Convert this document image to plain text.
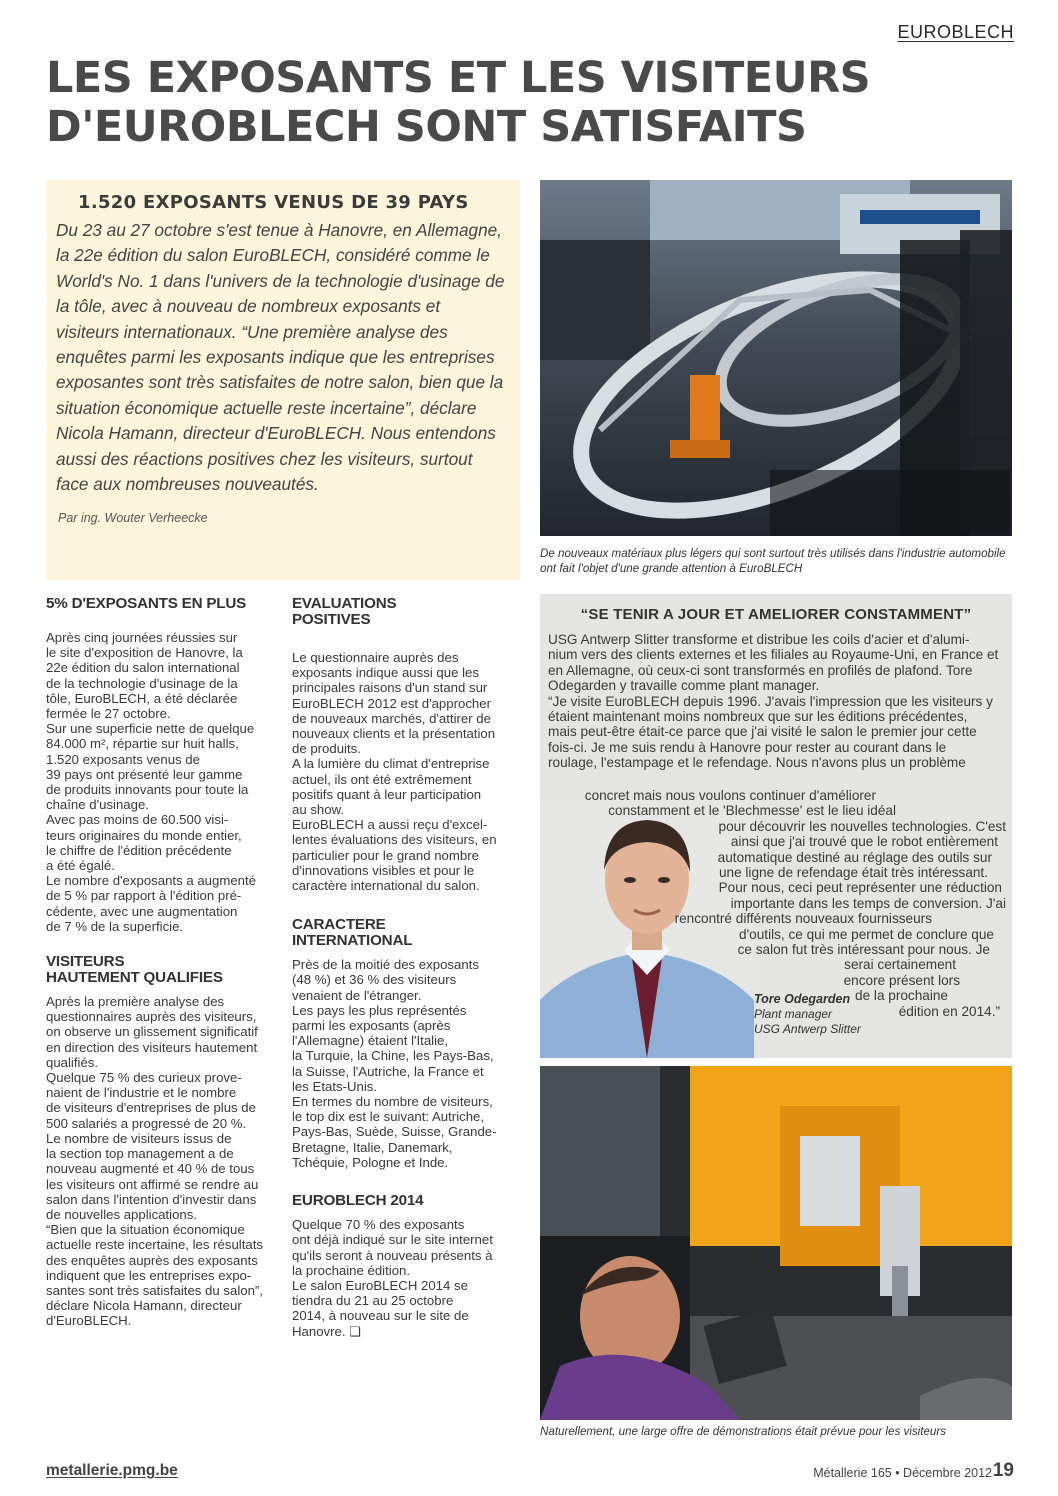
EUROBLECH
LES EXPOSANTS ET LES VISITEURS D'EUROBLECH SONT SATISFAITS
1.520 EXPOSANTS VENUS DE 39 PAYS

Du 23 au 27 octobre s'est tenue à Hanovre, en Allemagne, la 22e édition du salon EuroBLECH, considéré comme le World's No. 1 dans l'univers de la technologie d'usinage de la tôle, avec à nouveau de nombreux exposants et visiteurs internationaux. “Une première analyse des enquêtes parmi les exposants indique que les entreprises exposantes sont très satisfaites de notre salon, bien que la situation économique actuelle reste incertaine”, déclare Nicola Hamann, directeur d'EuroBLECH. Nous entendons aussi des réactions positives chez les visiteurs, surtout face aux nombreuses nouveautés.

Par ing. Wouter Verheecke

De nouveaux matériaux plus légers qui sont surtout très utilisés dans l'industrie automobile ont fait l'objet d'une grande attention à EuroBLECH
5% D'EXPOSANTS EN PLUS

Après cinq journées réussies sur
le site d'exposition de Hanovre, la
22e édition du salon international
de la technologie d'usinage de la
tôle, EuroBLECH, a été déclarée
fermée le 27 octobre.
Sur une superficie nette de quelque
84.000 m², répartie sur huit halls,
1.520 exposants venus de
39 pays ont présenté leur gamme
de produits innovants pour toute la
chaîne d'usinage.
Avec pas moins de 60.500 visi-
teurs originaires du monde entier,
le chiffre de l'édition précédente
a été égalé.
Le nombre d'exposants a augmenté
de 5 % par rapport à l'édition pré-
cédente, avec une augmentation
de 7 % de la superficie.

VISITEURS
HAUTEMENT QUALIFIES

Après la première analyse des
questionnaires auprès des visiteurs,
on observe un glissement significatif
en direction des visiteurs hautement
qualifiés.
Quelque 75 % des curieux prove-
naient de l'industrie et le nombre
de visiteurs d'entreprises de plus de
500 salariés a progressé de 20 %.
Le nombre de visiteurs issus de
la section top management a de
nouveau augmenté et 40 % de tous
les visiteurs ont affirmé se rendre au
salon dans l'intention d'investir dans
de nouvelles applications.
“Bien que la situation économique
actuelle reste incertaine, les résultats
des enquêtes auprès des exposants
indiquent que les entreprises expo-
santes sont très satisfaites du salon”,
déclare Nicola Hamann, directeur
d'EuroBLECH.

EVALUATIONS
POSITIVES

Le questionnaire auprès des
exposants indique aussi que les
principales raisons d'un stand sur
EuroBLECH 2012 est d'approcher
de nouveaux marchés, d'attirer de
nouveaux clients et la présentation
de produits.
A la lumière du climat d'entreprise
actuel, ils ont été extrêmement
positifs quant à leur participation
au show.
EuroBLECH a aussi reçu d'excel-
lentes évaluations des visiteurs, en
particulier pour le grand nombre
d'innovations visibles et pour le
caractère international du salon.

CARACTERE
INTERNATIONAL

Près de la moitié des exposants
(48 %) et 36 % des visiteurs
venaient de l'étranger.
Les pays les plus représentés
parmi les exposants (après
l'Allemagne) étaient l'Italie,
la Turquie, la Chine, les Pays-Bas,
la Suisse, l'Autriche, la France et
les Etats-Unis.
En termes du nombre de visiteurs,
le top dix est le suivant: Autriche,
Pays-Bas, Suède, Suisse, Grande-
Bretagne, Italie, Danemark,
Tchéquie, Pologne et Inde.

EUROBLECH 2014

Quelque 70 % des exposants
ont déjà indiqué sur le site internet
qu'ils seront à nouveau présents à
la prochaine édition.
Le salon EuroBLECH 2014 se
tiendra du 21 au 25 octobre
2014, à nouveau sur le site de
Hanovre. ❑

“SE TENIR A JOUR ET AMELIORER CONSTAMMENT”

USG Antwerp Slitter transforme et distribue les coils d'acier et d'alumi-
nium vers des clients externes et les filiales au Royaume-Uni, en France et
en Allemagne, où ceux-ci sont transformés en profilés de plafond. Tore
Odegarden y travaille comme plant manager.
“Je visite EuroBLECH depuis 1996. J'avais l'impression que les visiteurs y
étaient maintenant moins nombreux que sur les éditions précédentes,
mais peut-être était-ce parce que j'ai visité le salon le premier jour cette
fois-ci. Je me suis rendu à Hanovre pour rester au courant dans le
roulage, l'estampage et le refendage. Nous n'avons plus un problème

concret mais nous voulons continuer d'améliorer
constamment et le 'Blechmesse' est le lieu idéal
pour découvrir les nouvelles technologies. C'est
ainsi que j'ai trouvé que le robot entièrement
automatique destiné au réglage des outils sur
une ligne de refendage était très intéressant.
Pour nous, ceci peut représenter une réduction
importante dans les temps de conversion. J'ai
rencontré différents nouveaux fournisseurs
d'outils, ce qui me permet de conclure que
ce salon fut très intéressant pour nous. Je
serai certainement
encore présent lors
de la prochaine
édition en 2014.”
Tore Odegarden
Plant manager
USG Antwerp Slitter
Naturellement, une large offre de démonstrations était prévue pour les visiteurs
metallerie.pmg.be	Métallerie 165 • Décembre 2012 19
